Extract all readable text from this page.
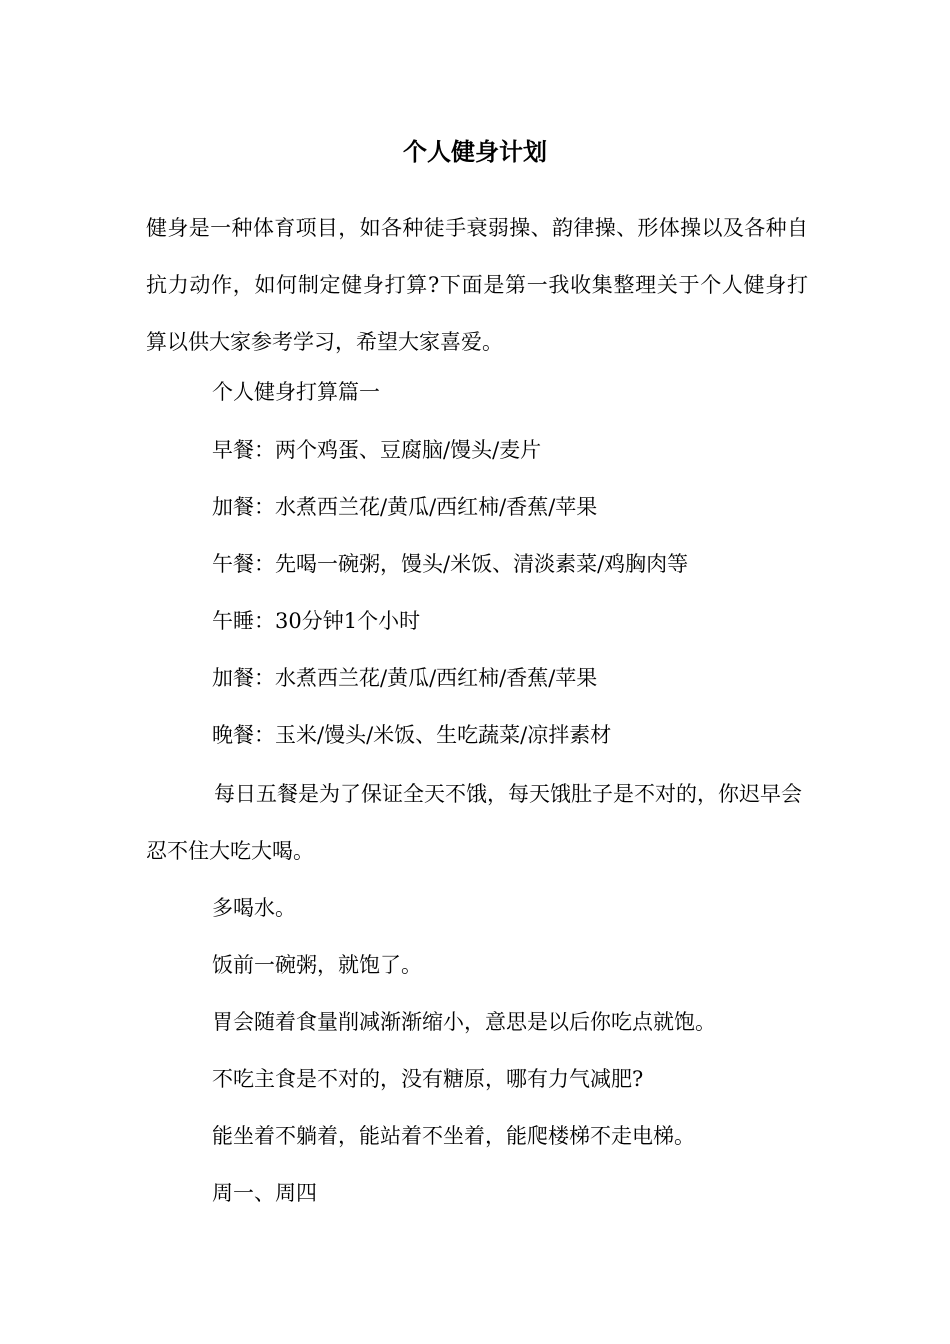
个人健身计划

健身是一种体育项目，如各种徒手衰弱操、韵律操、形体操以及各种自抗力动作，如何制定健身打算?下面是第一我收集整理关于个人健身打算以供大家参考学习，希望大家喜爱。

个人健身打算篇一

早餐：两个鸡蛋、豆腐脑/馒头/麦片

加餐：水煮西兰花/黄瓜/西红柿/香蕉/苹果

午餐：先喝一碗粥，馒头/米饭、清淡素菜/鸡胸肉等

午睡：30分钟1个小时

加餐：水煮西兰花/黄瓜/西红柿/香蕉/苹果

晚餐：玉米/馒头/米饭、生吃蔬菜/凉拌素材

每日五餐是为了保证全天不饿，每天饿肚子是不对的，你迟早会忍不住大吃大喝。

多喝水。

饭前一碗粥，就饱了。

胃会随着食量削减渐渐缩小，意思是以后你吃点就饱。

不吃主食是不对的，没有糖原，哪有力气减肥?

能坐着不躺着，能站着不坐着，能爬楼梯不走电梯。

周一、周四
